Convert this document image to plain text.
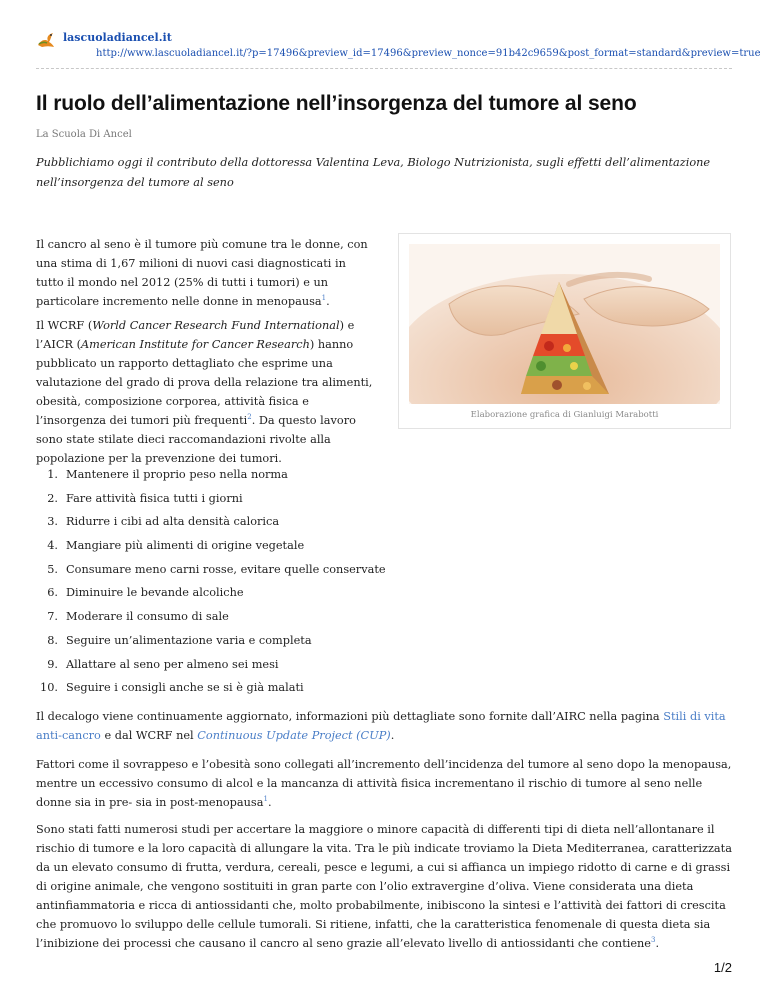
lascuoladiancel.it
http://www.lascuoladiancel.it/?p=17496&preview_id=17496&preview_nonce=91b42c9659&post_format=standard&preview=true
Il ruolo dell’alimentazione nell’insorgenza del tumore al seno
La Scuola Di Ancel

Pubblichiamo oggi il contributo della dottoressa Valentina Leva, Biologo Nutrizionista, sugli effetti dell’alimentazione nell’insorgenza del tumore al seno

Il cancro al seno è il tumore più comune tra le donne, con una stima di 1,67 milioni di nuovi casi diagnosticati in tutto il mondo nel 2012 (25% di tutti i tumori) e un particolare incremento nelle donne in menopausa$^1$.

Il WCRF (World Cancer Research Fund International) e l’AICR (American Institute for Cancer Research) hanno pubblicato un rapporto dettagliato che esprime una valutazione del grado di prova della relazione tra alimenti, obesità, composizione corporea, attività fisica e l’insorgenza dei tumori più frequenti$^2$. Da questo lavoro sono state stilate dieci raccomandazioni rivolte alla popolazione per la prevenzione dei tumori.

Elaborazione grafica di Gianluigi Marabotti
1. Mantenere il proprio peso nella norma
2. Fare attività fisica tutti i giorni
3. Ridurre i cibi ad alta densità calorica
4. Mangiare più alimenti di origine vegetale
5. Consumare meno carni rosse, evitare quelle conservate
6. Diminuire le bevande alcoliche
7. Moderare il consumo di sale
8. Seguire un’alimentazione varia e completa
9. Allattare al seno per almeno sei mesi
10. Seguire i consigli anche se si è già malati

Il decalogo viene continuamente aggiornato, informazioni più dettagliate sono fornite dall’AIRC nella pagina Stili di vita anti-cancro e dal WCRF nel Continuous Update Project (CUP).

Fattori come il sovrappeso e l’obesità sono collegati all’incremento dell’incidenza del tumore al seno dopo la menopausa, mentre un eccessivo consumo di alcol e la mancanza di attività fisica incrementano il rischio di tumore al seno nelle donne sia in pre- sia in post-menopausa$^1$.

Sono stati fatti numerosi studi per accertare la maggiore o minore capacità di differenti tipi di dieta nell’allontanare il rischio di tumore e la loro capacità di allungare la vita. Tra le più indicate troviamo la Dieta Mediterranea, caratterizzata da un elevato consumo di frutta, verdura, cereali, pesce e legumi, a cui si affianca un impiego ridotto di carne e di grassi di origine animale, che vengono sostituiti in gran parte con l’olio extravergine d’oliva. Viene considerata una dieta antinfiammatoria e ricca di antiossidanti che, molto probabilmente, inibiscono la sintesi e l’attività dei fattori di crescita che promuovo lo sviluppo delle cellule tumorali. Si ritiene, infatti, che la caratteristica fenomenale di questa dieta sia l’inibizione dei processi che causano il cancro al seno grazie all’elevato livello di antiossidanti che contiene$^3$.

1/2
